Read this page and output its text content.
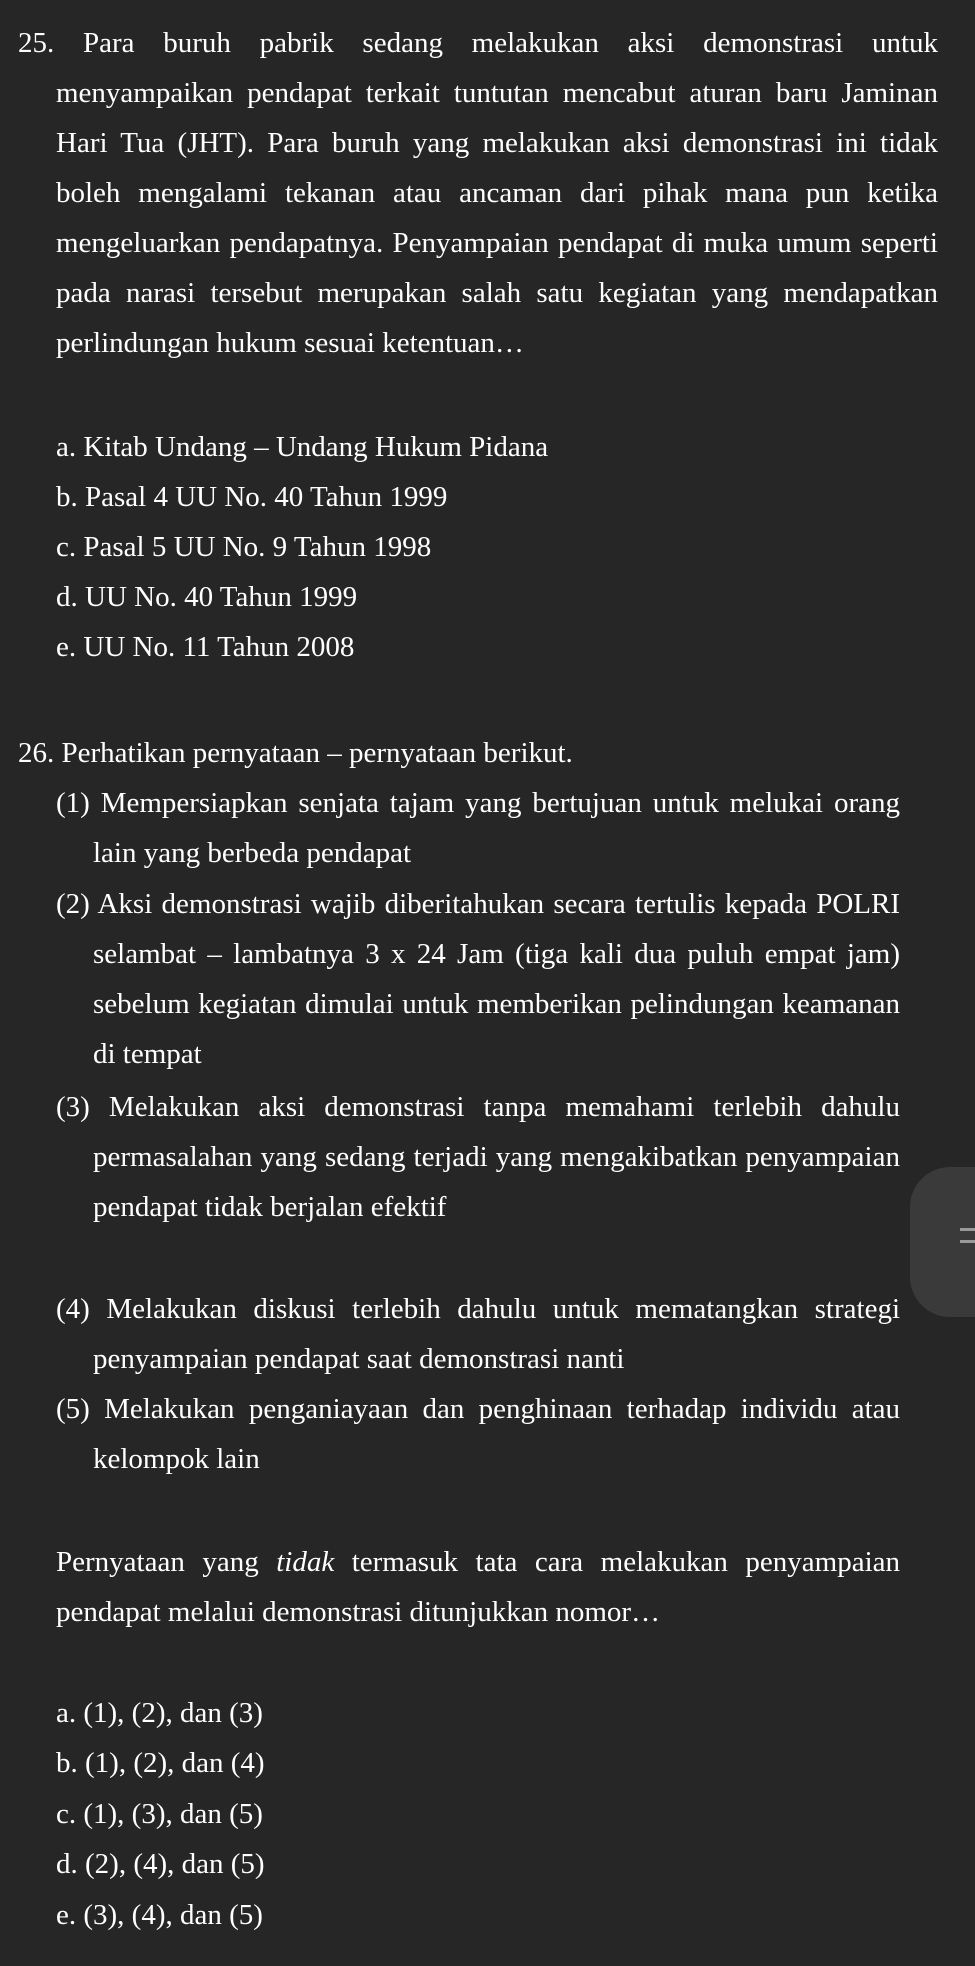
25. Para buruh pabrik sedang melakukan aksi demonstrasi untuk menyampaikan pendapat terkait tuntutan mencabut aturan baru Jaminan Hari Tua (JHT). Para buruh yang melakukan aksi demonstrasi ini tidak boleh mengalami tekanan atau ancaman dari pihak mana pun ketika mengeluarkan pendapatnya. Penyampaian pendapat di muka umum seperti pada narasi tersebut merupakan salah satu kegiatan yang mendapatkan perlindungan hukum sesuai ketentuan…
a. Kitab Undang – Undang Hukum Pidana
b. Pasal 4 UU No. 40 Tahun 1999
c. Pasal 5 UU No. 9 Tahun 1998
d. UU No. 40 Tahun 1999
e. UU No. 11 Tahun 2008
26. Perhatikan pernyataan – pernyataan berikut.
(1) Mempersiapkan senjata tajam yang bertujuan untuk melukai orang lain yang berbeda pendapat
(2) Aksi demonstrasi wajib diberitahukan secara tertulis kepada POLRI selambat – lambatnya 3 x 24 Jam (tiga kali dua puluh empat jam) sebelum kegiatan dimulai untuk memberikan pelindungan keamanan di tempat
(3) Melakukan aksi demonstrasi tanpa memahami terlebih dahulu permasalahan yang sedang terjadi yang mengakibatkan penyampaian pendapat tidak berjalan efektif
(4) Melakukan diskusi terlebih dahulu untuk mematangkan strategi penyampaian pendapat saat demonstrasi nanti
(5) Melakukan penganiayaan dan penghinaan terhadap individu atau kelompok lain
Pernyataan yang tidak termasuk tata cara melakukan penyampaian pendapat melalui demonstrasi ditunjukkan nomor…
a. (1), (2), dan (3)
b. (1), (2), dan (4)
c. (1), (3), dan (5)
d. (2), (4), dan (5)
e. (3), (4), dan (5)
